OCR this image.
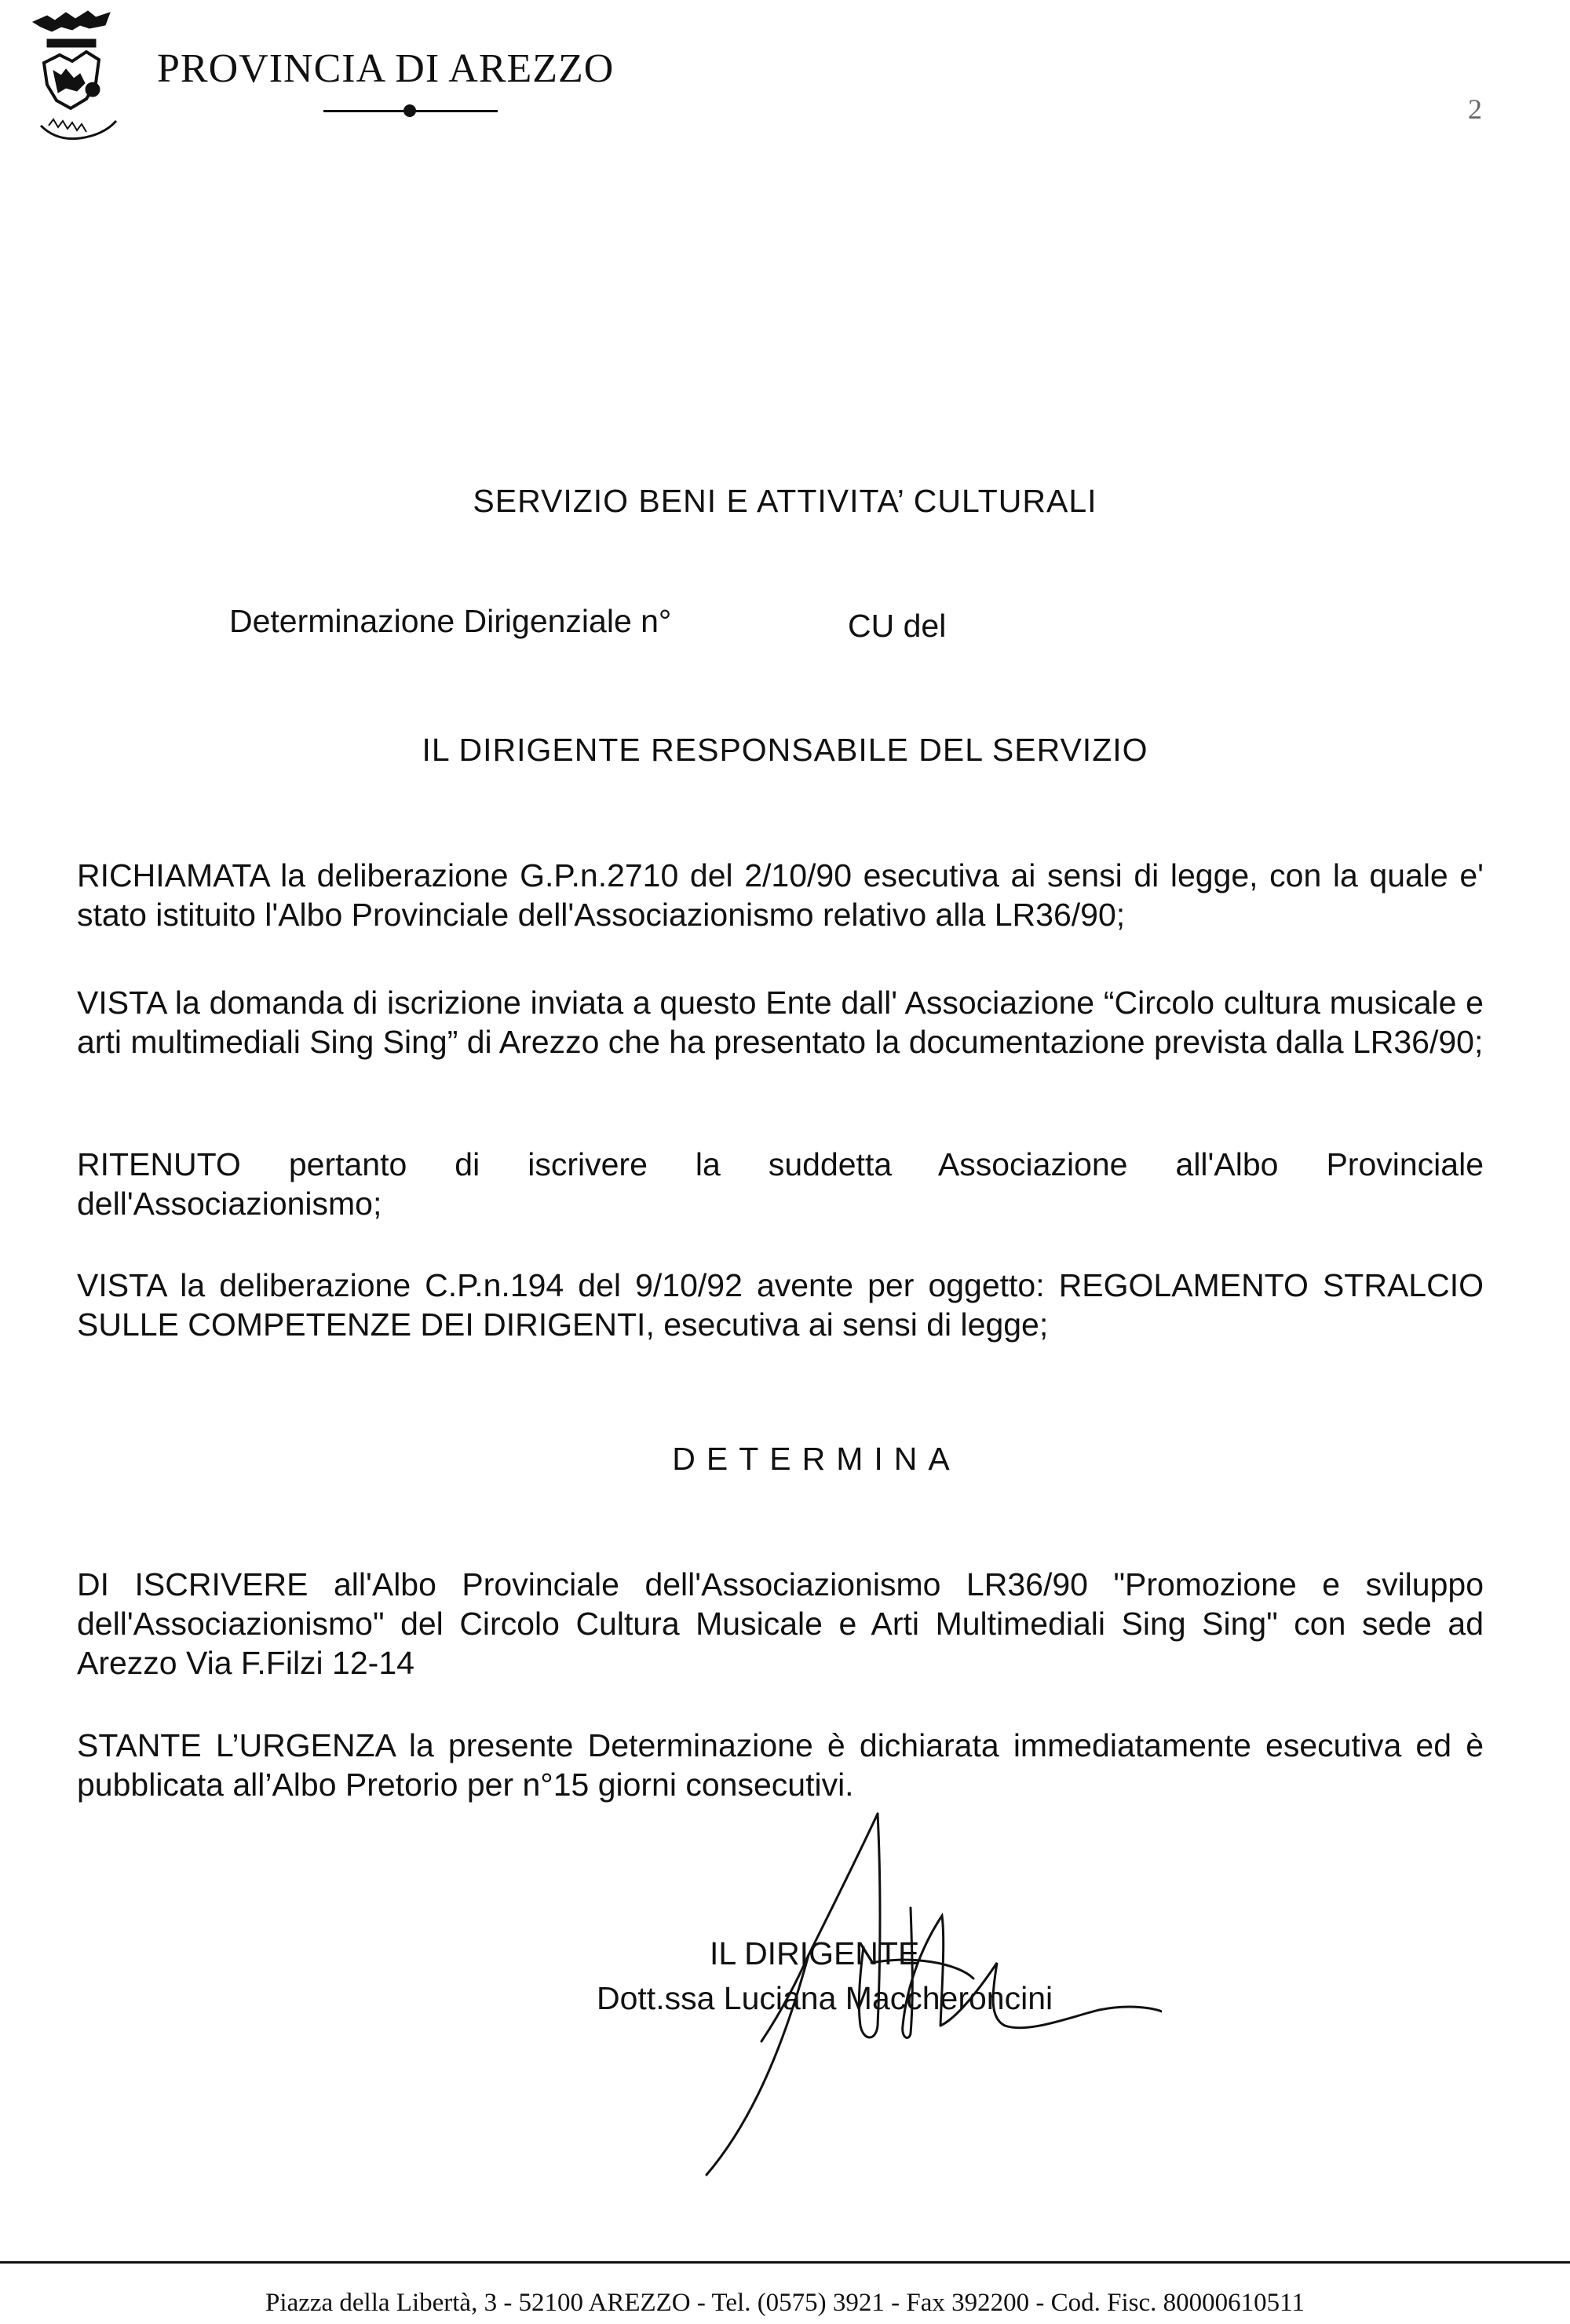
PROVINCIA DI AREZZO
2
SERVIZIO BENI E ATTIVITA’ CULTURALI
Determinazione Dirigenziale n°	CU del
IL DIRIGENTE RESPONSABILE DEL SERVIZIO
RICHIAMATA la deliberazione G.P.n.2710 del 2/10/90 esecutiva ai sensi di legge, con la quale e' stato istituito l'Albo Provinciale dell'Associazionismo relativo alla LR36/90;
VISTA la domanda di iscrizione inviata a questo Ente dall' Associazione “Circolo cultura musicale e arti multimediali Sing Sing” di Arezzo che ha presentato la documentazione prevista dalla LR36/90;
RITENUTO pertanto di iscrivere la suddetta Associazione all'Albo Provinciale dell'Associazionismo;
VISTA la deliberazione C.P.n.194 del 9/10/92 avente per oggetto: REGOLAMENTO STRALCIO SULLE COMPETENZE DEI DIRIGENTI, esecutiva ai sensi di legge;
DETERMINA
DI ISCRIVERE all'Albo Provinciale dell'Associazionismo LR36/90 "Promozione e sviluppo dell'Associazionismo" del Circolo Cultura Musicale e Arti Multimediali Sing Sing" con sede ad Arezzo Via F.Filzi 12-14
STANTE L’URGENZA la presente Determinazione è dichiarata immediatamente esecutiva ed è pubblicata all’Albo Pretorio per n°15 giorni consecutivi.
IL DIRIGENTE
Dott.ssa Luciana Maccheroncini
Piazza della Libertà, 3 - 52100 AREZZO - Tel. (0575) 3921 - Fax 392200 - Cod. Fisc. 80000610511
